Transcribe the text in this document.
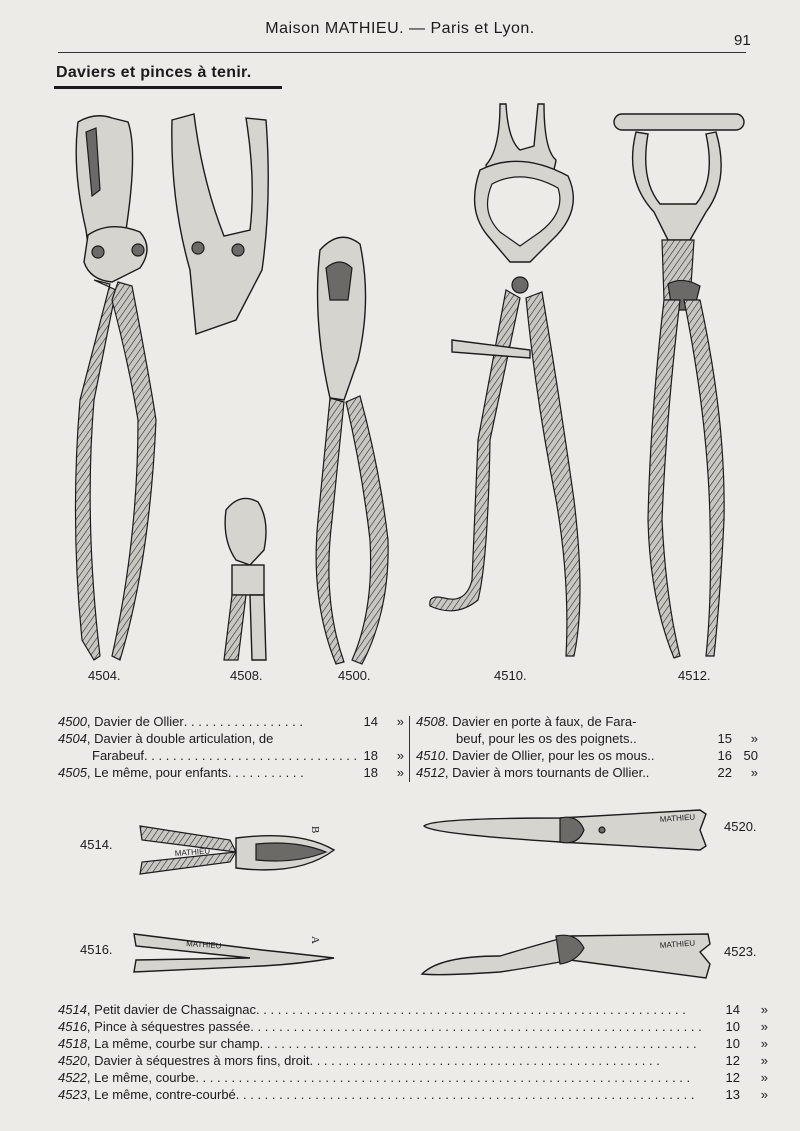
Maison MATHIEU. — Paris et Lyon.
91
Daviers et pinces à tenir.
MATHIEU
B
MATHIEU	A
MATHIEU
MATHIEU
4504.	4508.	4500.	4510.	4512.
4514.
4516.
4520.
4523.
4500, Davier de Ollier. . . . . . . . . . . . . . . . .	14 »
4504, Davier à double articulation, de
Farabeuf. . . . . . . . . . . . . . . . . . . . . . . . . . . . . . 18 »
4505, Le même, pour enfants. . . . . . . . . . .	18 »
4508. Davier en porte à faux, de Fara-
beuf, pour les os des poignets..	15 »
4510. Davier de Ollier, pour les os mous..	16 50
4512, Davier à mors tournants de Ollier..	22 »
4514, Petit davier de Chassaignac. . . . . . . . . . . . . . . . . . . . . . . . . . . . . . . . . . . . . . . . . . . . . . . . . . . . . . . . . . . .	14 »
4516, Pince à séquestres passée. . . . . . . . . . . . . . . . . . . . . . . . . . . . . . . . . . . . . . . . . . . . . . . . . . . . . . . . . . . . . . . 10 »
4518, La même, courbe sur champ. . . . . . . . . . . . . . . . . . . . . . . . . . . . . . . . . . . . . . . . . . . . . . . . . . . . . . . . . . . . . 10 »
4520, Davier à séquestres à mors fins, droit. . . . . . . . . . . . . . . . . . . . . . . . . . . . . . . . . . . . . . . . . . . . . . . . .	12 »
4522, Le même, courbe. . . . . . . . . . . . . . . . . . . . . . . . . . . . . . . . . . . . . . . . . . . . . . . . . . . . . . . . . . . . . . . . . . . . .	12 »
4523, Le même, contre-courbé. . . . . . . . . . . . . . . . . . . . . . . . . . . . . . . . . . . . . . . . . . . . . . . . . . . . . . . . . . . . . . . . 13 »
